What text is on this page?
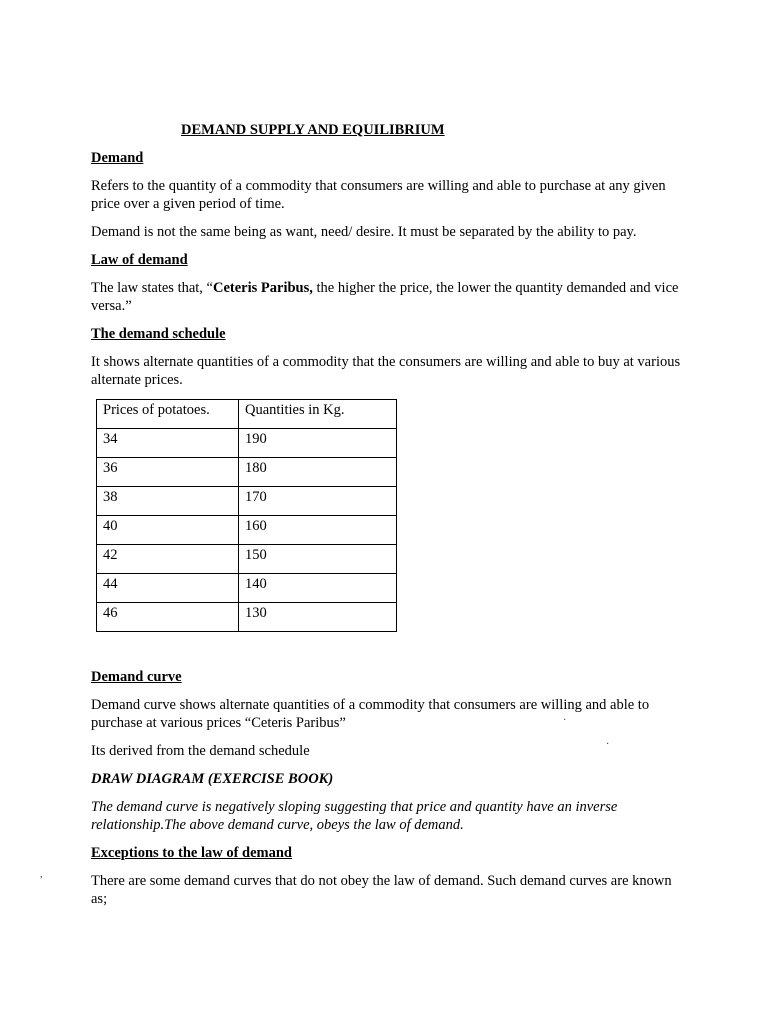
DEMAND SUPPLY AND EQUILIBRIUM
Demand

Refers to the quantity of a commodity that consumers are willing and able to purchase at any given price over a given period of time.

Demand is not the same being as want, need/ desire. It must be separated by the ability to pay.

Law of demand

The law states that, “Ceteris Paribus, the higher the price, the lower the quantity demanded and vice versa.”

The demand schedule

It shows alternate quantities of a commodity that the consumers are willing and able to buy at various alternate prices.

Prices of potatoes.	Quantities in Kg.
34	190
36	180
38	170
40	160
42	150
44	140
46	130
Demand curve

Demand curve shows alternate quantities of a commodity that consumers are willing and able to purchase at various prices “Ceteris Paribus”

Its derived from the demand schedule

DRAW DIAGRAM (EXERCISE BOOK)

The demand curve is negatively sloping suggesting that price and quantity have an inverse relationship.The above demand curve, obeys the law of demand.

Exceptions to the law of demand

There are some demand curves that do not obey the law of demand. Such demand curves are known as;

·
·
,
